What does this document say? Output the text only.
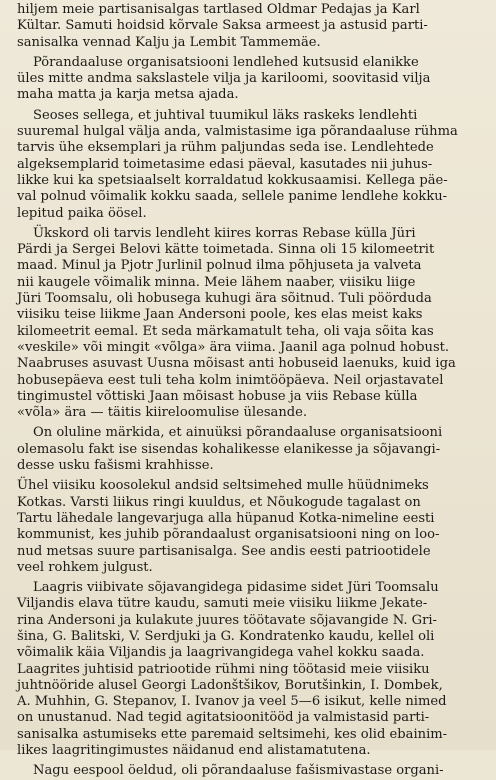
hiljem meie partisanisalgas tartlased Oldmar Pedajas ja Karl
Kültar. Samuti hoidsid kõrvale Saksa armeest ja astusid parti-
sanisalka vennad Kalju ja Lembit Tammemäe.
Põrandaaluse organisatsiooni lendlehed kutsusid elanikke
üles mitte andma sakslastele vilja ja kariloomi, soovitasid vilja
maha matta ja karja metsa ajada.
Seoses sellega, et juhtival tuumikul läks raskeks lendlehti
suuremal hulgal välja anda, valmistasime iga põrandaaluse rühma
tarvis ühe eksemplari ja rühm paljundas seda ise. Lendlehtede
algeksemplarid toimetasime edasi päeval, kasutades nii juhus-
likke kui ka spetsiaalselt korraldatud kokkusaamisi. Kellega päe-
val polnud võimalik kokku saada, sellele panime lendlehe kokku-
lepitud paika öösel.
Ükskord oli tarvis lendleht kiires korras Rebase külla Jüri
Pärdi ja Sergei Belovi kätte toimetada. Sinna oli 15 kilomeetrit
maad. Minul ja Pjotr Jurlinil polnud ilma põhjuseta ja valveta
nii kaugele võimalik minna. Meie lähem naaber, viisiku liige
Jüri Toomsalu, oli hobusega kuhugi ära sõitnud. Tuli pöörduda
viisiku teise liikme Jaan Andersoni poole, kes elas meist kaks
kilomeetrit eemal. Et seda märkamatult teha, oli vaja sõita kas
«veskile» või mingit «võlga» ära viima. Jaanil aga polnud hobust.
Naabruses asuvast Uusna mõisast anti hobuseid laenuks, kuid iga
hobusepäeva eest tuli teha kolm inimtööpäeva. Neil orjastavatel
tingimustel võttiski Jaan mõisast hobuse ja viis Rebase külla
«võla» ära — täitis kiireloomulise ülesande.
On oluline märkida, et ainuüksi põrandaaluse organisatsiooni
olemasolu fakt ise sisendas kohalikesse elanikesse ja sõjavangi-
desse usku fašismi krahhisse.
Ühel viisiku koosolekul andsid seltsimehed mulle hüüdnimeks
Kotkas. Varsti liikus ringi kuuldus, et Nõukogude tagalast on
Tartu lähedale langevarjuga alla hüpanud Kotka-nimeline eesti
kommunist, kes juhib põrandaalust organisatsiooni ning on loo-
nud metsas suure partisanisalga. See andis eesti patriootidele
veel rohkem julgust.
Laagris viibivate sõjavangidega pidasime sidet Jüri Toomsalu
Viljandis elava tütre kaudu, samuti meie viisiku liikme Jekate-
rina Andersoni ja kulakute juures töötavate sõjavangide N. Gri-
šina, G. Balitski, V. Serdjuki ja G. Kondratenko kaudu, kellel oli
võimalik käia Viljandis ja laagrivangidega vahel kokku saada.
Laagrites juhtisid patriootide rühmi ning töötasid meie viisiku
juhtnööride alusel Georgi Ladonštšikov, Borutšinkin, I. Dombek,
A. Muhhin, G. Stepanov, I. Ivanov ja veel 5—6 isikut, kelle nimed
on unustanud. Nad tegid agitatsioonitööd ja valmistasid parti-
sanisalka astumiseks ette paremaid seltsimehi, kes olid ebainim-
likes laagritingimustes näidanud end alistamatutena.
Nagu eespool öeldud, oli põrandaaluse fašismivastase organi-
